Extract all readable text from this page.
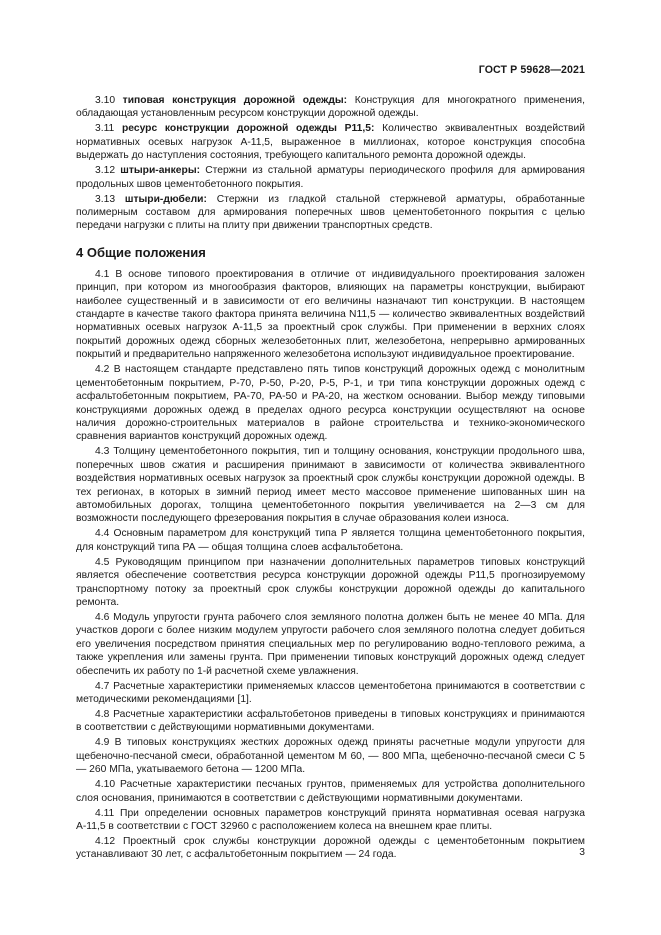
ГОСТ Р 59628—2021

3.10 типовая конструкция дорожной одежды: Конструкция для многократного применения, обладающая установленным ресурсом конструкции дорожной одежды.

3.11 ресурс конструкции дорожной одежды Р11,5: Количество эквивалентных воздействий нормативных осевых нагрузок А-11,5, выраженное в миллионах, которое конструкция способна выдержать до наступления состояния, требующего капитального ремонта дорожной одежды.

3.12 штыри-анкеры: Стержни из стальной арматуры периодического профиля для армирования продольных швов цементобетонного покрытия.

3.13 штыри-дюбели: Стержни из гладкой стальной стержневой арматуры, обработанные полимерным составом для армирования поперечных швов цементобетонного покрытия с целью передачи нагрузки с плиты на плиту при движении транспортных средств.

4 Общие положения

4.1 В основе типового проектирования в отличие от индивидуального проектирования заложен принцип, при котором из многообразия факторов, влияющих на параметры конструкции, выбирают наиболее существенный и в зависимости от его величины назначают тип конструкции. В настоящем стандарте в качестве такого фактора принята величина N11,5 — количество эквивалентных воздействий нормативных осевых нагрузок А-11,5 за проектный срок службы. При применении в верхних слоях покрытий дорожных одежд сборных железобетонных плит, железобетона, непрерывно армированных покрытий и предварительно напряженного железобетона используют индивидуальное проектирование.

4.2 В настоящем стандарте представлено пять типов конструкций дорожных одежд с монолитным цементобетонным покрытием, Р-70, Р-50, Р-20, Р-5, Р-1, и три типа конструкции дорожных одежд с асфальтобетонным покрытием, РА-70, РА-50 и РА-20, на жестком основании. Выбор между типовыми конструкциями дорожных одежд в пределах одного ресурса конструкции осуществляют на основе наличия дорожно-строительных материалов в районе строительства и технико-экономического сравнения вариантов конструкций дорожных одежд.

4.3 Толщину цементобетонного покрытия, тип и толщину основания, конструкции продольного шва, поперечных швов сжатия и расширения принимают в зависимости от количества эквивалентного воздействия нормативных осевых нагрузок за проектный срок службы конструкции дорожной одежды. В тех регионах, в которых в зимний период имеет место массовое применение шипованных шин на автомобильных дорогах, толщина цементобетонного покрытия увеличивается на 2—3 см для возможности последующего фрезерования покрытия в случае образования колеи износа.

4.4 Основным параметром для конструкций типа Р является толщина цементобетонного покрытия, для конструкций типа РА — общая толщина слоев асфальтобетона.

4.5 Руководящим принципом при назначении дополнительных параметров типовых конструкций является обеспечение соответствия ресурса конструкции дорожной одежды Р11,5 прогнозируемому транспортному потоку за проектный срок службы конструкции дорожной одежды до капитального ремонта.

4.6 Модуль упругости грунта рабочего слоя земляного полотна должен быть не менее 40 МПа. Для участков дороги с более низким модулем упругости рабочего слоя земляного полотна следует добиться его увеличения посредством принятия специальных мер по регулированию водно-теплового режима, а также укрепления или замены грунта. При применении типовых конструкций дорожных одежд следует обеспечить их работу по 1-й расчетной схеме увлажнения.

4.7 Расчетные характеристики применяемых классов цементобетона принимаются в соответствии с методическими рекомендациями [1].

4.8 Расчетные характеристики асфальтобетонов приведены в типовых конструкциях и принимаются в соответствии с действующими нормативными документами.

4.9 В типовых конструкциях жестких дорожных одежд приняты расчетные модули упругости для щебеночно-песчаной смеси, обработанной цементом М 60, — 800 МПа, щебеночно-песчаной смеси С 5 — 260 МПа, укатываемого бетона — 1200 МПа.

4.10 Расчетные характеристики песчаных грунтов, применяемых для устройства дополнительного слоя основания, принимаются в соответствии с действующими нормативными документами.

4.11 При определении основных параметров конструкций принята нормативная осевая нагрузка А-11,5 в соответствии с ГОСТ 32960 с расположением колеса на внешнем крае плиты.

4.12 Проектный срок службы конструкции дорожной одежды с цементобетонным покрытием устанавливают 30 лет, с асфальтобетонным покрытием — 24 года.	3
